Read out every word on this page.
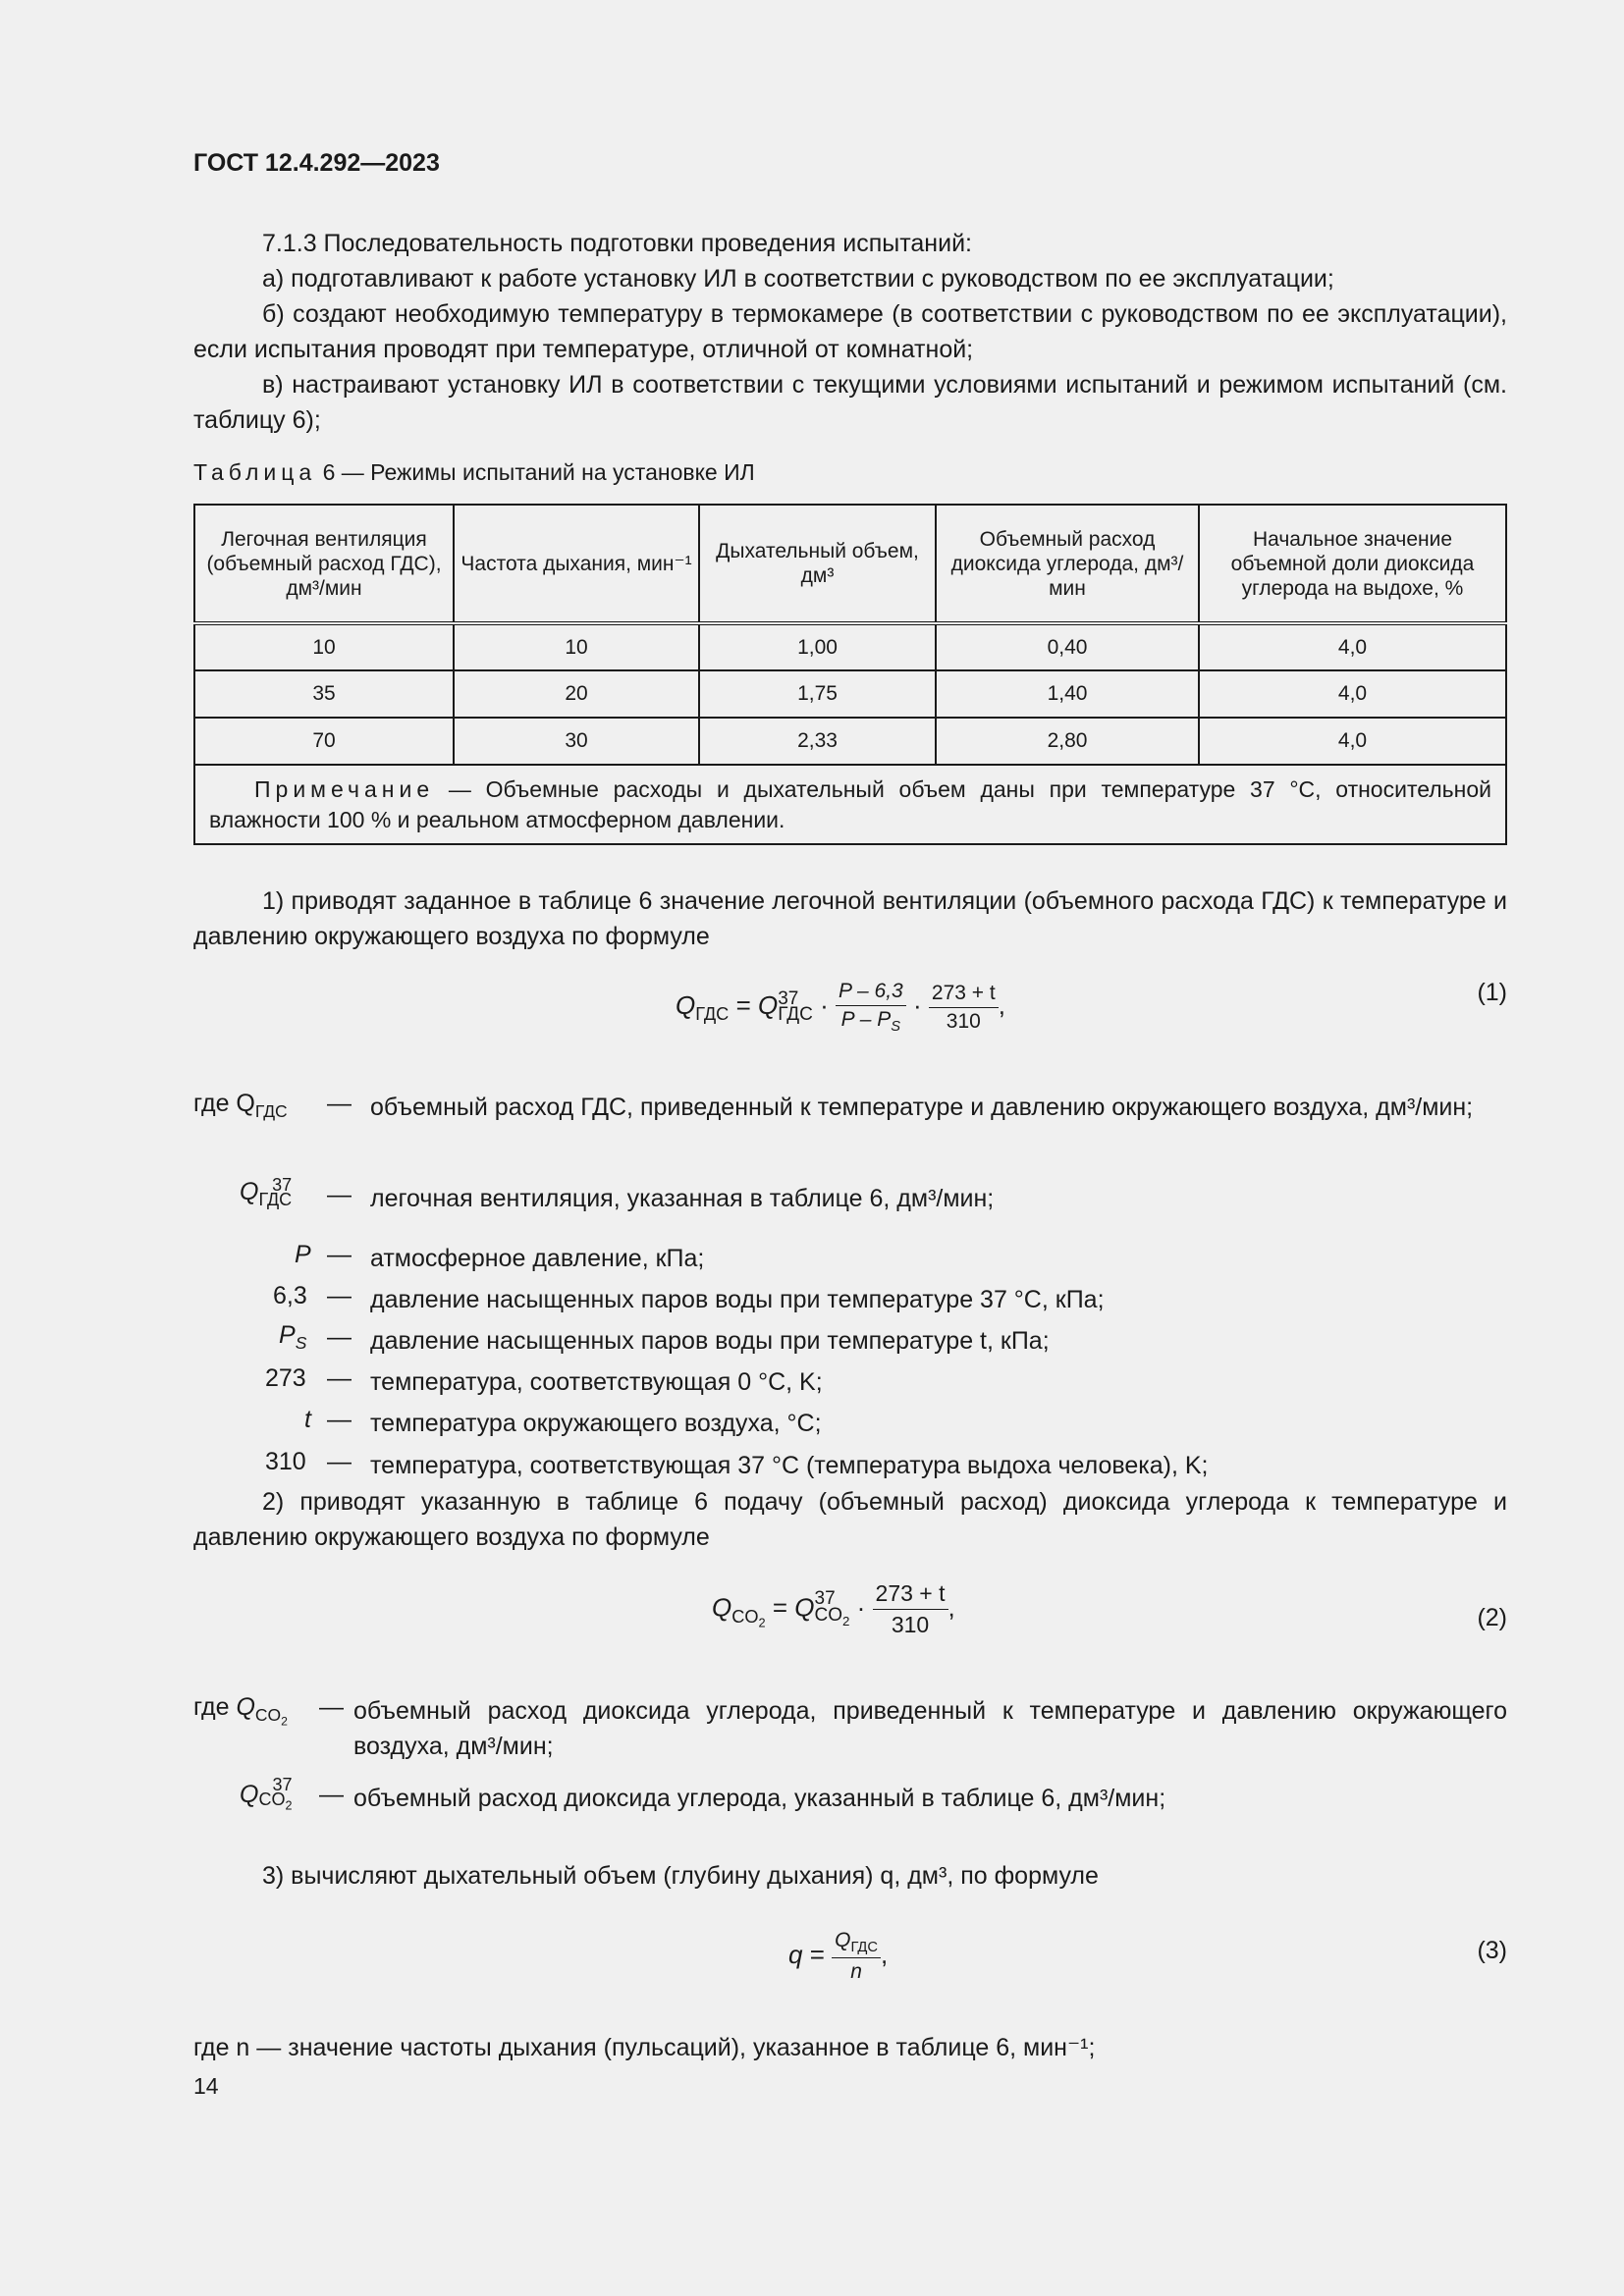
ГОСТ 12.4.292—2023
7.1.3 Последовательность подготовки проведения испытаний:
а) подготавливают к работе установку ИЛ в соответствии с руководством по ее эксплуатации;
б) создают необходимую температуру в термокамере (в соответствии с руководством по ее эксплуатации), если испытания проводят при температуре, отличной от комнатной;
в) настраивают установку ИЛ в соответствии с текущими условиями испытаний и режимом испытаний (см. таблицу 6);
Таблица 6 — Режимы испытаний на установке ИЛ
Легочная вентиляция (объемный расход ГДС), дм³/мин	Частота дыхания, мин⁻¹	Дыхательный объем, дм³	Объемный расход диоксида углерода, дм³/мин	Начальное значение объемной доли диоксида углерода на выдохе, %
10	10	1,00	0,40	4,0
35	20	1,75	1,40	4,0
70	30	2,33	2,80	4,0
Примечание — Объемные расходы и дыхательный объем даны при температуре 37 °C, относительной влажности 100 % и реальном атмосферном давлении.				
1) приводят заданное в таблице 6 значение легочной вентиляции (объемного расхода ГДС) к температуре и давлению окружающего воздуха по формуле
$Q_{ГДС} = Q$ 37
ГДС · $\frac{P - 6,3}{P - P_S} \cdot \frac{273 + t}{310}$ ,	(1)
где $Q_{ГДС}$ — объемный расход ГДС, приведенный к температуре и давлению окружающего воздуха, дм³/мин;
Q 37
ГДС — легочная вентиляция, указанная в таблице 6, дм³/мин;
P — атмосферное давление, кПа;
6,3 — давление насыщенных паров воды при температуре 37 °C, кПа;
$P_S$ — давление насыщенных паров воды при температуре t, кПа;
273 — температура, соответствующая 0 °C, K;
t — температура окружающего воздуха, °C;
310 — температура, соответствующая 37 °C (температура выдоха человека), K;
2) приводят указанную в таблице 6 подачу (объемный расход) диоксида углерода к температуре и давлению окружающего воздуха по формуле
$Q_{CO_2} = Q$ 37
$CO_2 \cdot \frac{273 + t}{310}$ ,	(2)
где $Q_{CO_2}$
— объемный расход диоксида углерода, приведенный к температуре и давлению окружающего воздуха, дм³/мин;
Q 37
$CO_2$ — объемный расход диоксида углерода, указанный в таблице 6, дм³/мин;
3) вычисляют дыхательный объем (глубину дыхания) q, дм³, по формуле
$q = \frac{Q_{ГДС}}{n}$ ,	(3)
где n — значение частоты дыхания (пульсаций), указанное в таблице 6, мин⁻¹;
14
